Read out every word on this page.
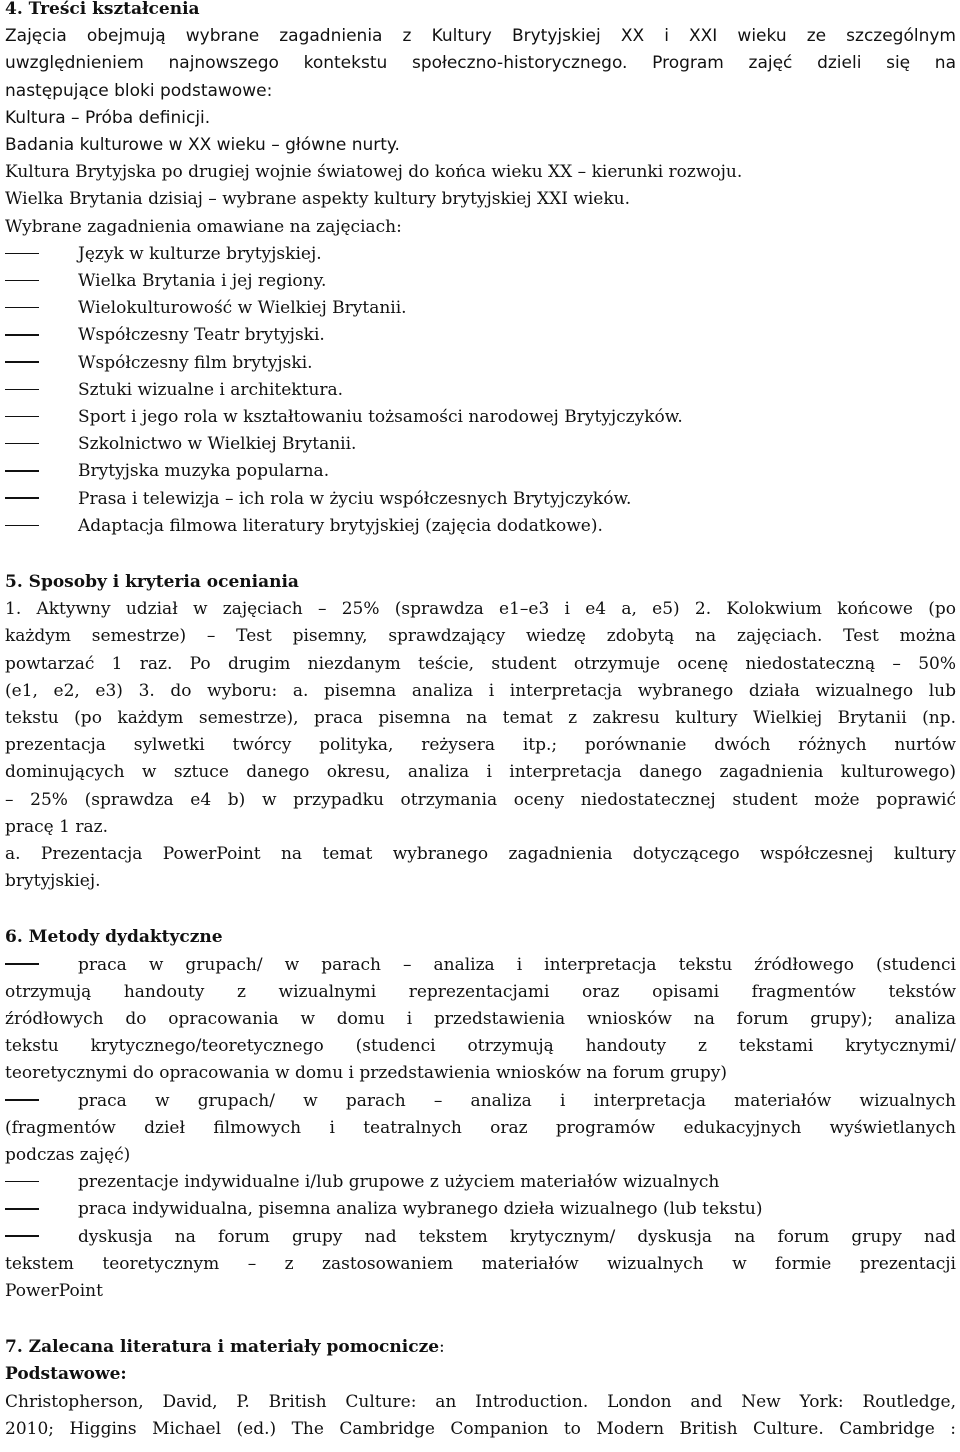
4. Treści kształcenia
Zajęcia obejmują wybrane zagadnienia z Kultury Brytyjskiej XX i XXI wieku ze szczególnym
uwzględnieniem najnowszego kontekstu społeczno-historycznego. Program zajęć dzieli się na
następujące bloki podstawowe:
Kultura – Próba definicji.
Badania kulturowe w XX wieku – główne nurty.
Kultura Brytyjska po drugiej wojnie światowej do końca wieku XX – kierunki rozwoju.
Wielka Brytania dzisiaj – wybrane aspekty kultury brytyjskiej XXI wieku.
Wybrane zagadnienia omawiane na zajęciach:
Język w kulturze brytyjskiej.
Wielka Brytania i jej regiony.
Wielokulturowość w Wielkiej Brytanii.
Współczesny Teatr brytyjski.
Współczesny film brytyjski.
Sztuki wizualne i architektura.
Sport i jego rola w kształtowaniu tożsamości narodowej Brytyjczyków.
Szkolnictwo w Wielkiej Brytanii.
Brytyjska muzyka popularna.
Prasa i telewizja – ich rola w życiu współczesnych Brytyjczyków.
Adaptacja filmowa literatury brytyjskiej (zajęcia dodatkowe).
5. Sposoby i kryteria oceniania
1. Aktywny udział w zajęciach – 25% (sprawdza e1–e3 i e4 a, e5) 2. Kolokwium końcowe (po
każdym semestrze) – Test pisemny, sprawdzający wiedzę zdobytą na zajęciach. Test można
powtarzać 1 raz. Po drugim niezdanym teście, student otrzymuje ocenę niedostateczną – 50%
(e1, e2, e3) 3. do wyboru: a. pisemna analiza i interpretacja wybranego działa wizualnego lub
tekstu (po każdym semestrze), praca pisemna na temat z zakresu kultury Wielkiej Brytanii (np.
prezentacja sylwetki twórcy polityka, reżysera itp.; porównanie dwóch różnych nurtów
dominujących w sztuce danego okresu, analiza i interpretacja danego zagadnienia kulturowego)
– 25% (sprawdza e4 b) w przypadku otrzymania oceny niedostatecznej student może poprawić
pracę 1 raz.
a. Prezentacja PowerPoint na temat wybranego zagadnienia dotyczącego współczesnej kultury
brytyjskiej.
6. Metody dydaktyczne
praca w grupach/ w parach – analiza i interpretacja tekstu źródłowego (studenci
otrzymują handouty z wizualnymi reprezentacjami oraz opisami fragmentów tekstów
źródłowych do opracowania w domu i przedstawienia wniosków na forum grupy); analiza
tekstu krytycznego/teoretycznego (studenci otrzymują handouty z tekstami krytycznymi/
teoretycznymi do opracowania w domu i przedstawienia wniosków na forum grupy)
praca w grupach/ w parach – analiza i interpretacja materiałów wizualnych
(fragmentów dzieł filmowych i teatralnych oraz programów edukacyjnych wyświetlanych
podczas zajęć)
prezentacje indywidualne i/lub grupowe z użyciem materiałów wizualnych
praca indywidualna, pisemna analiza wybranego dzieła wizualnego (lub tekstu)
dyskusja na forum grupy nad tekstem krytycznym/ dyskusja na forum grupy nad
tekstem teoretycznym – z zastosowaniem materiałów wizualnych w formie prezentacji
PowerPoint
7. Zalecana literatura i materiały pomocnicze:
Podstawowe:
Christopherson, David, P. British Culture: an Introduction. London and New York: Routledge,
2010; Higgins Michael (ed.) The Cambridge Companion to Modern British Culture. Cambridge :
